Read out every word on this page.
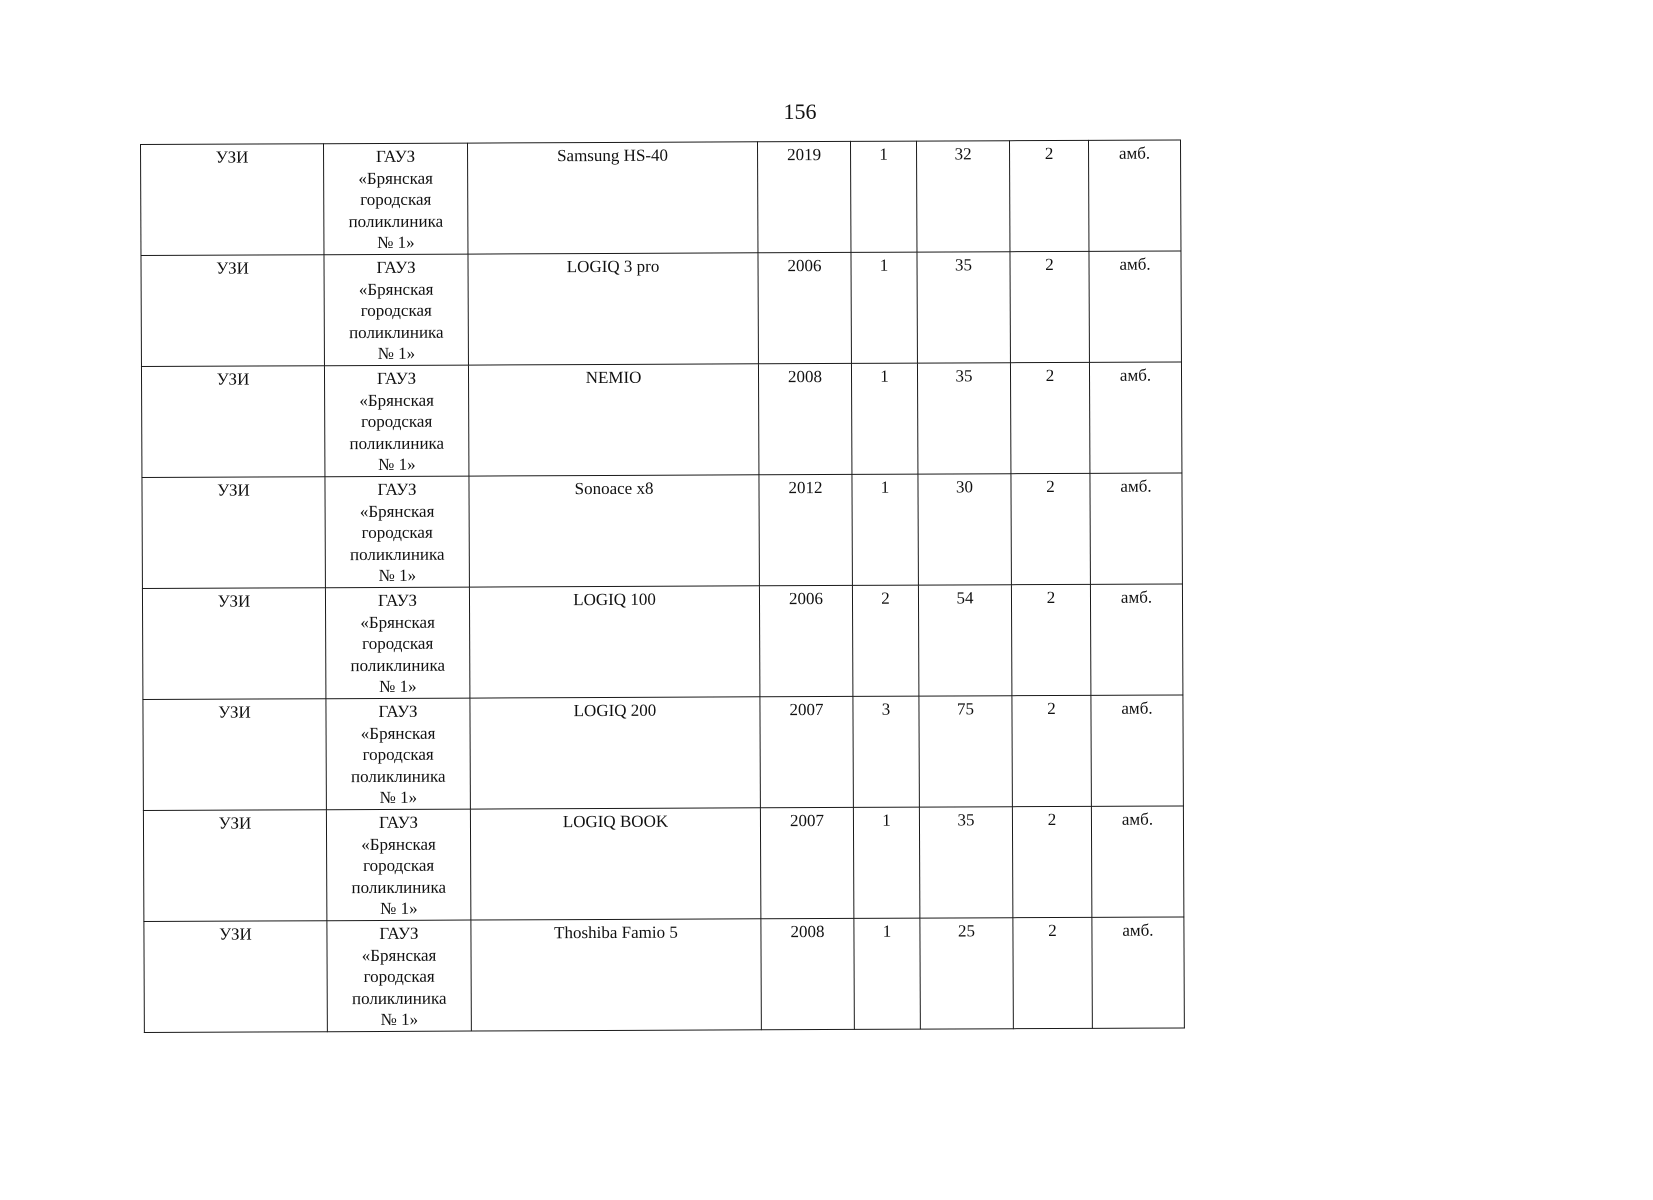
156
УЗИ	ГАУЗ
«Брянская
городская
поликлиника
№ 1»	Samsung HS-40	2019	1	32	2	амб.
УЗИ	ГАУЗ
«Брянская
городская
поликлиника
№ 1»	LOGIQ 3 pro	2006	1	35	2	амб.
УЗИ	ГАУЗ
«Брянская
городская
поликлиника
№ 1»	NEMIO	2008	1	35	2	амб.
УЗИ	ГАУЗ
«Брянская
городская
поликлиника
№ 1»	Sonoace x8	2012	1	30	2	амб.
УЗИ	ГАУЗ
«Брянская
городская
поликлиника
№ 1»	LOGIQ 100	2006	2	54	2	амб.
УЗИ	ГАУЗ
«Брянская
городская
поликлиника
№ 1»	LOGIQ 200	2007	3	75	2	амб.
УЗИ	ГАУЗ
«Брянская
городская
поликлиника
№ 1»	LOGIQ BOOK	2007	1	35	2	амб.
УЗИ	ГАУЗ
«Брянская
городская
поликлиника
№ 1»	Thoshiba Famio 5	2008	1	25	2	амб.
